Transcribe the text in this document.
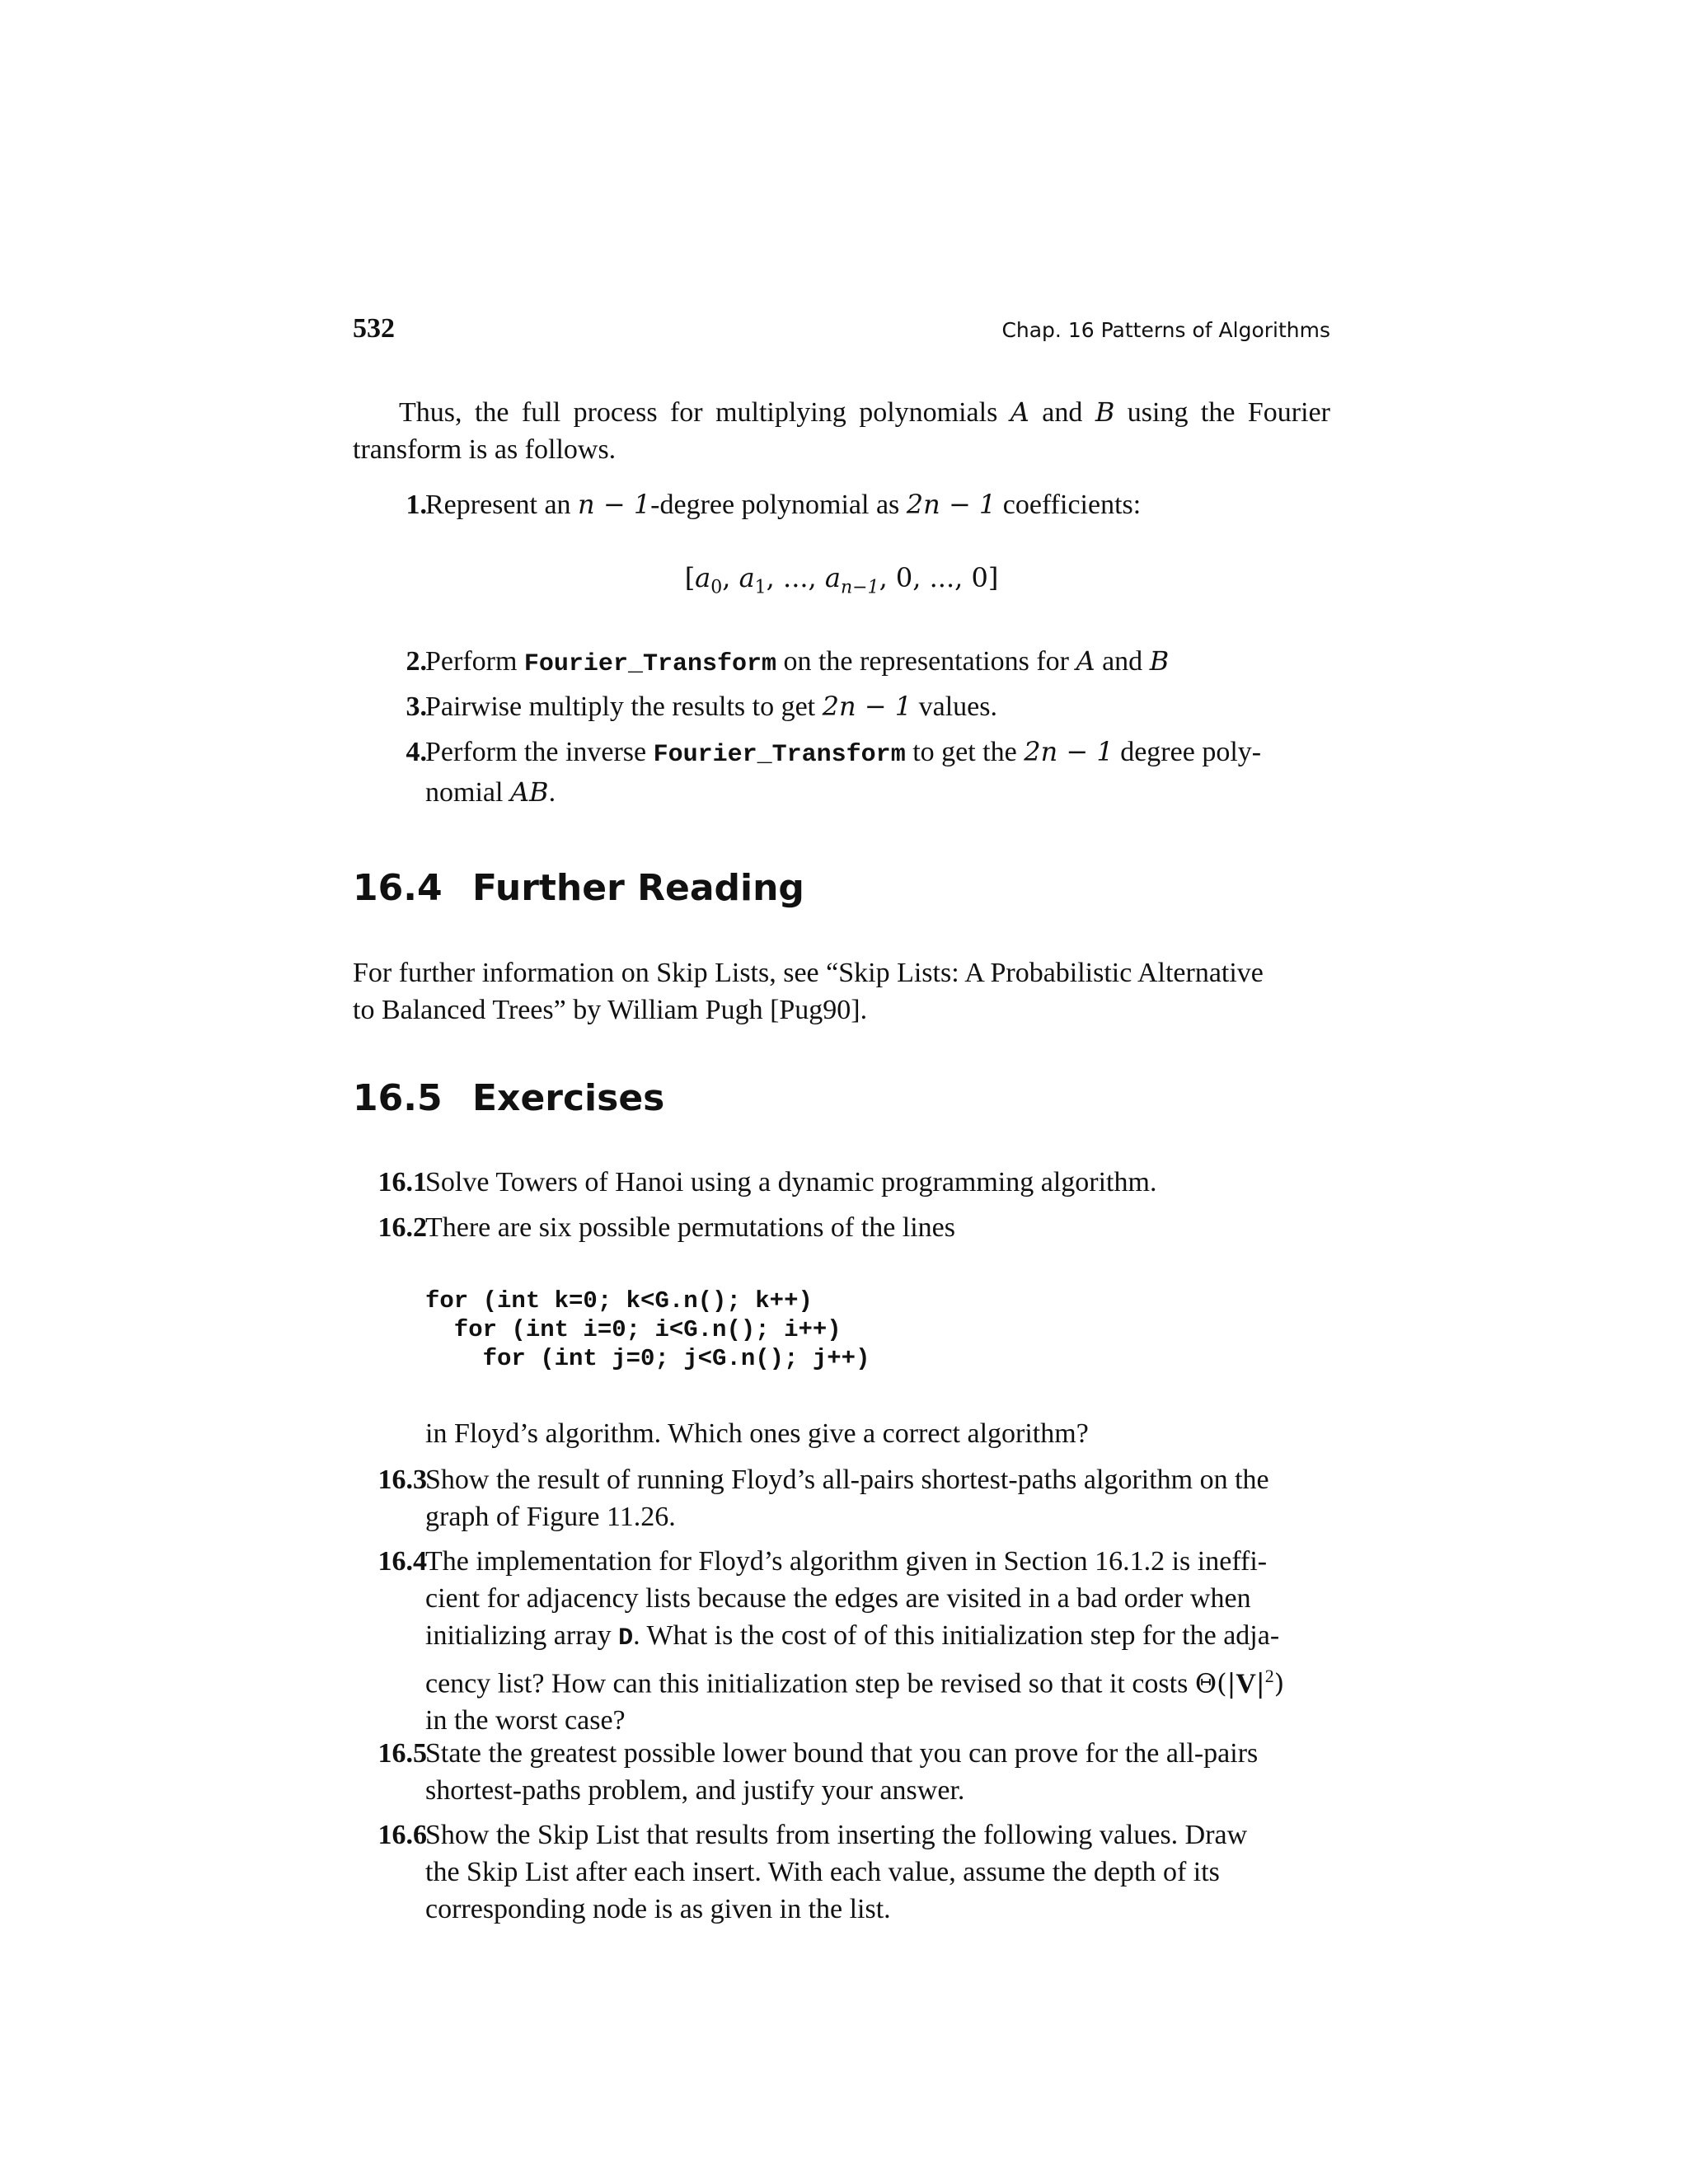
532	Chap. 16 Patterns of Algorithms
Thus, the full process for multiplying polynomials A and B using the Fourier transform is as follows.
1.
Represent an n − 1-degree polynomial as 2n − 1 coefficients:
[$a_0$, $a_1$, ..., $a_{n-1}$, 0, ..., 0]
2.
Perform Fourier_Transform on the representations for A and B
3.
Pairwise multiply the results to get 2n − 1 values.
4.
Perform the inverse Fourier_Transform to get the 2n − 1 degree poly-
nomial AB.
16.4 Further Reading
For further information on Skip Lists, see “Skip Lists: A Probabilistic Alternative
to Balanced Trees” by William Pugh [Pug90].
16.5 Exercises
16.1
Solve Towers of Hanoi using a dynamic programming algorithm.
16.2
There are six possible permutations of the lines
for (int k=0; k<G.n(); k++)
for (int i=0; i<G.n(); i++)
for (int j=0; j<G.n(); j++)
in Floyd’s algorithm. Which ones give a correct algorithm?
16.3
Show the result of running Floyd’s all-pairs shortest-paths algorithm on the
graph of Figure 11.26.
16.4
The implementation for Floyd’s algorithm given in Section 16.1.2 is ineffi-
cient for adjacency lists because the edges are visited in a bad order when
initializing array D. What is the cost of of this initialization step for the adja-
cency list? How can this initialization step be revised so that it costs $\Theta(|V|^2)$
in the worst case?
16.5
State the greatest possible lower bound that you can prove for the all-pairs
shortest-paths problem, and justify your answer.
16.6
Show the Skip List that results from inserting the following values. Draw
the Skip List after each insert. With each value, assume the depth of its
corresponding node is as given in the list.
